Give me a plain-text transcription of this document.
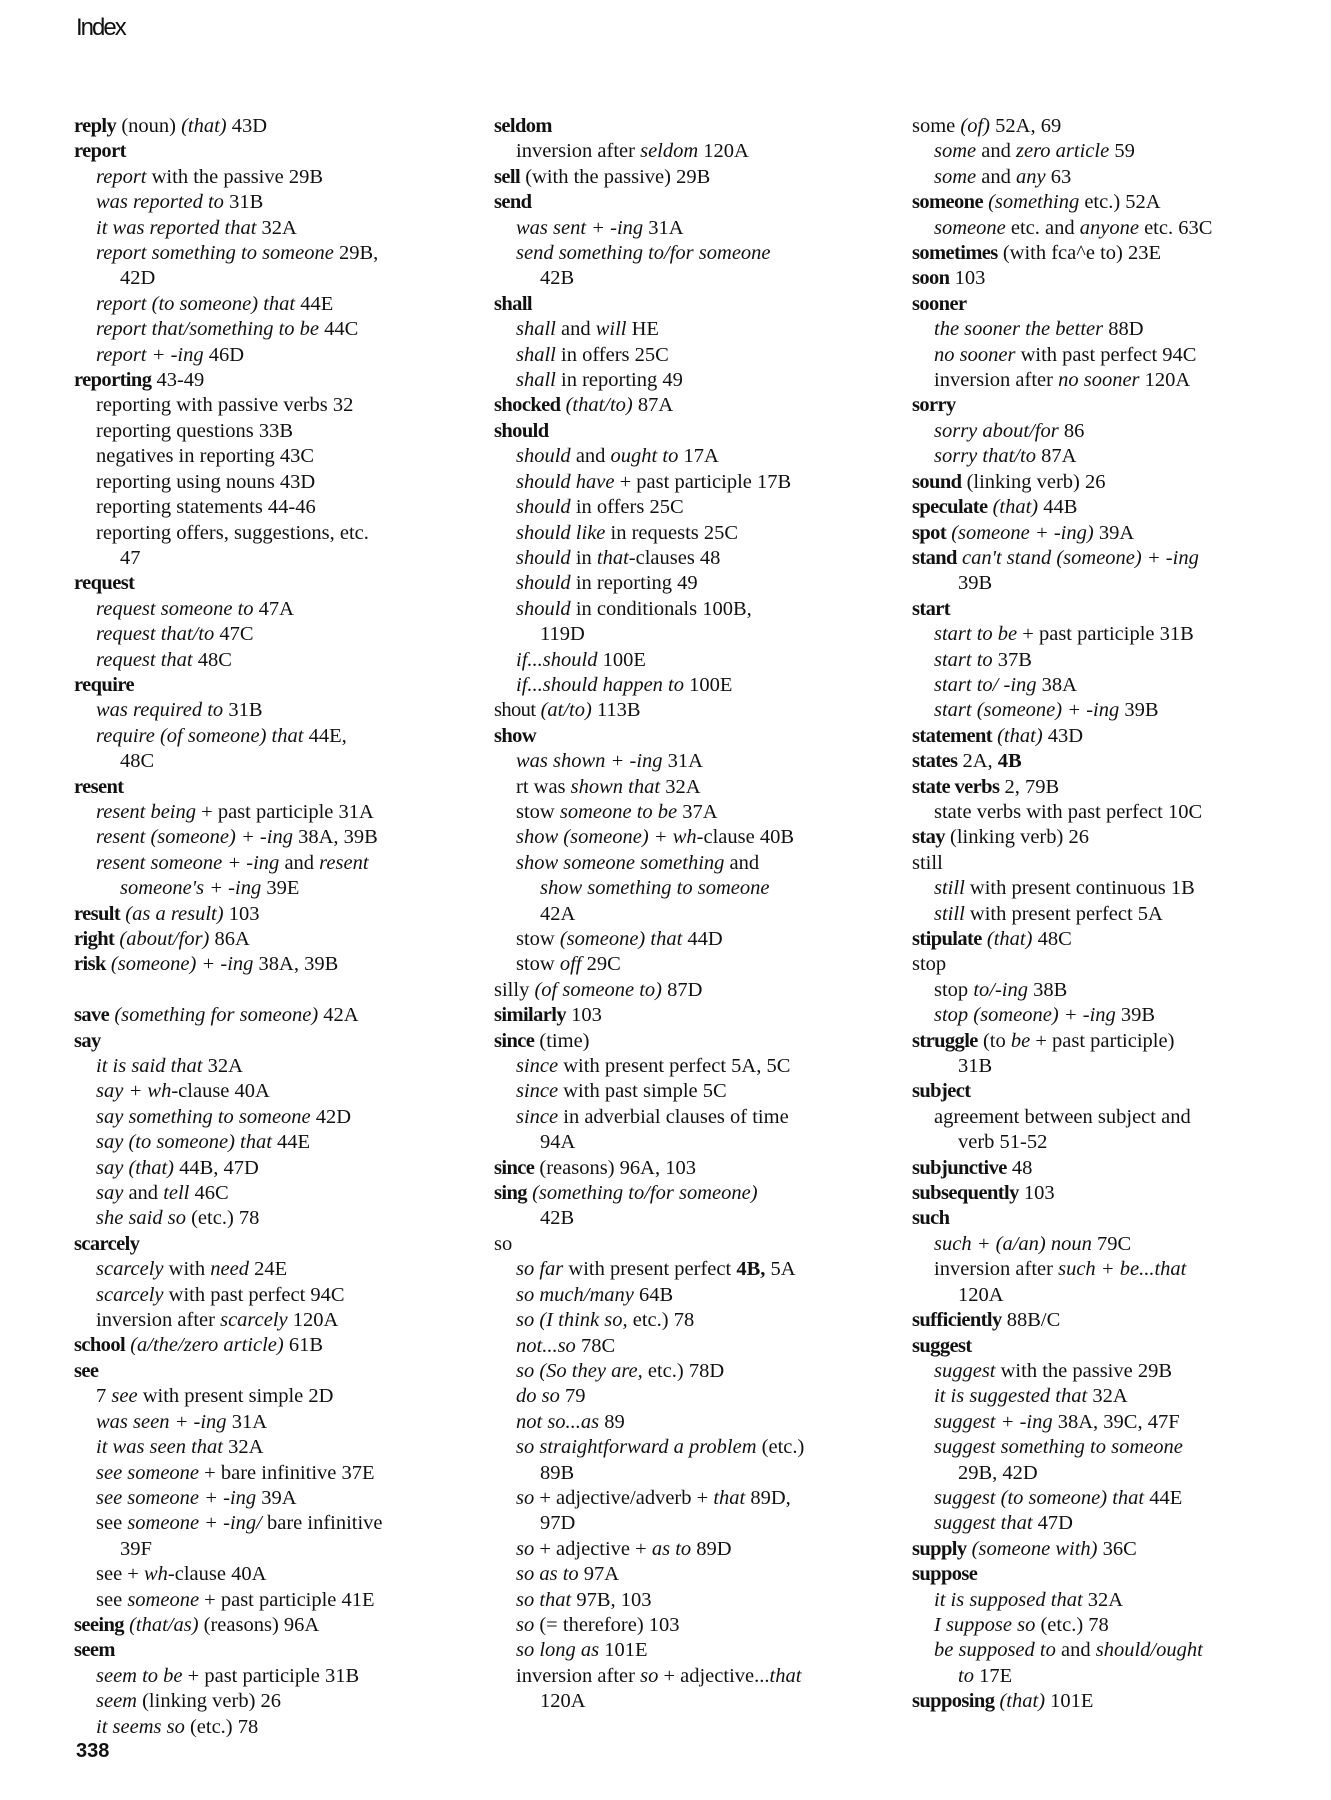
Index
reply (noun) (that) 43D
report
report with the passive 29B
was reported to 31B
it was reported that 32A
report something to someone 29B,
42D
report (to someone) that 44E
report that/something to be 44C
report + -ing 46D
reporting 43-49
reporting with passive verbs 32
reporting questions 33B
negatives in reporting 43C
reporting using nouns 43D
reporting statements 44-46
reporting offers, suggestions, etc.
47
request
request someone to 47A
request that/to 47C
request that 48C
require
was required to 31B
require (of someone) that 44E,
48C
resent
resent being + past participle 31A
resent (someone) + -ing 38A, 39B
resent someone + -ing and resent
someone's + -ing 39E
result (as a result) 103
right (about/for) 86A
risk (someone) + -ing 38A, 39B
save (something for someone) 42A
say
it is said that 32A
say + wh-clause 40A
say something to someone 42D
say (to someone) that 44E
say (that) 44B, 47D
say and tell 46C
she said so (etc.) 78
scarcely
scarcely with need 24E
scarcely with past perfect 94C
inversion after scarcely 120A
school (a/the/zero article) 61B
see
7 see with present simple 2D
was seen + -ing 31A
it was seen that 32A
see someone + bare infinitive 37E
see someone + -ing 39A
see someone + -ing/ bare infinitive
39F
see + wh-clause 40A
see someone + past participle 41E
seeing (that/as) (reasons) 96A
seem
seem to be + past participle 31B
seem (linking verb) 26
it seems so (etc.) 78
seldom
inversion after seldom 120A
sell (with the passive) 29B
send
was sent + -ing 31A
send something to/for someone
42B
shall
shall and will HE
shall in offers 25C
shall in reporting 49
shocked (that/to) 87A
should
should and ought to 17A
should have + past participle 17B
should in offers 25C
should like in requests 25C
should in that-clauses 48
should in reporting 49
should in conditionals 100B,
119D
if...should 100E
if...should happen to 100E
shout (at/to) 113B
show
was shown + -ing 31A
rt was shown that 32A
stow someone to be 37A
show (someone) + wh-clause 40B
show someone something and
show something to someone
42A
stow (someone) that 44D
stow off 29C
silly (of someone to) 87D
similarly 103
since (time)
since with present perfect 5A, 5C
since with past simple 5C
since in adverbial clauses of time
94A
since (reasons) 96A, 103
sing (something to/for someone)
42B
so
so far with present perfect 4B, 5A
so much/many 64B
so (I think so, etc.) 78
not...so 78C
so (So they are, etc.) 78D
do so 79
not so...as 89
so straightforward a problem (etc.)
89B
so + adjective/adverb + that 89D,
97D
so + adjective + as to 89D
so as to 97A
so that 97B, 103
so (= therefore) 103
so long as 101E
inversion after so + adjective...that
120A
some (of) 52A, 69
some and zero article 59
some and any 63
someone (something etc.) 52A
someone etc. and anyone etc. 63C
sometimes (with fca^e to) 23E
soon 103
sooner
the sooner the better 88D
no sooner with past perfect 94C
inversion after no sooner 120A
sorry
sorry about/for 86
sorry that/to 87A
sound (linking verb) 26
speculate (that) 44B
spot (someone + -ing) 39A
stand can't stand (someone) + -ing
39B
start
start to be + past participle 31B
start to 37B
start to/ -ing 38A
start (someone) + -ing 39B
statement (that) 43D
states 2A, 4B
state verbs 2, 79B
state verbs with past perfect 10C
stay (linking verb) 26
still
still with present continuous 1B
still with present perfect 5A
stipulate (that) 48C
stop
stop to/-ing 38B
stop (someone) + -ing 39B
struggle (to be + past participle)
31B
subject
agreement between subject and
verb 51-52
subjunctive 48
subsequently 103
such
such + (a/an) noun 79C
inversion after such + be...that
120A
sufficiently 88B/C
suggest
suggest with the passive 29B
it is suggested that 32A
suggest + -ing 38A, 39C, 47F
suggest something to someone
29B, 42D
suggest (to someone) that 44E
suggest that 47D
supply (someone with) 36C
suppose
it is supposed that 32A
I suppose so (etc.) 78
be supposed to and should/ought
to 17E
supposing (that) 101E
338
